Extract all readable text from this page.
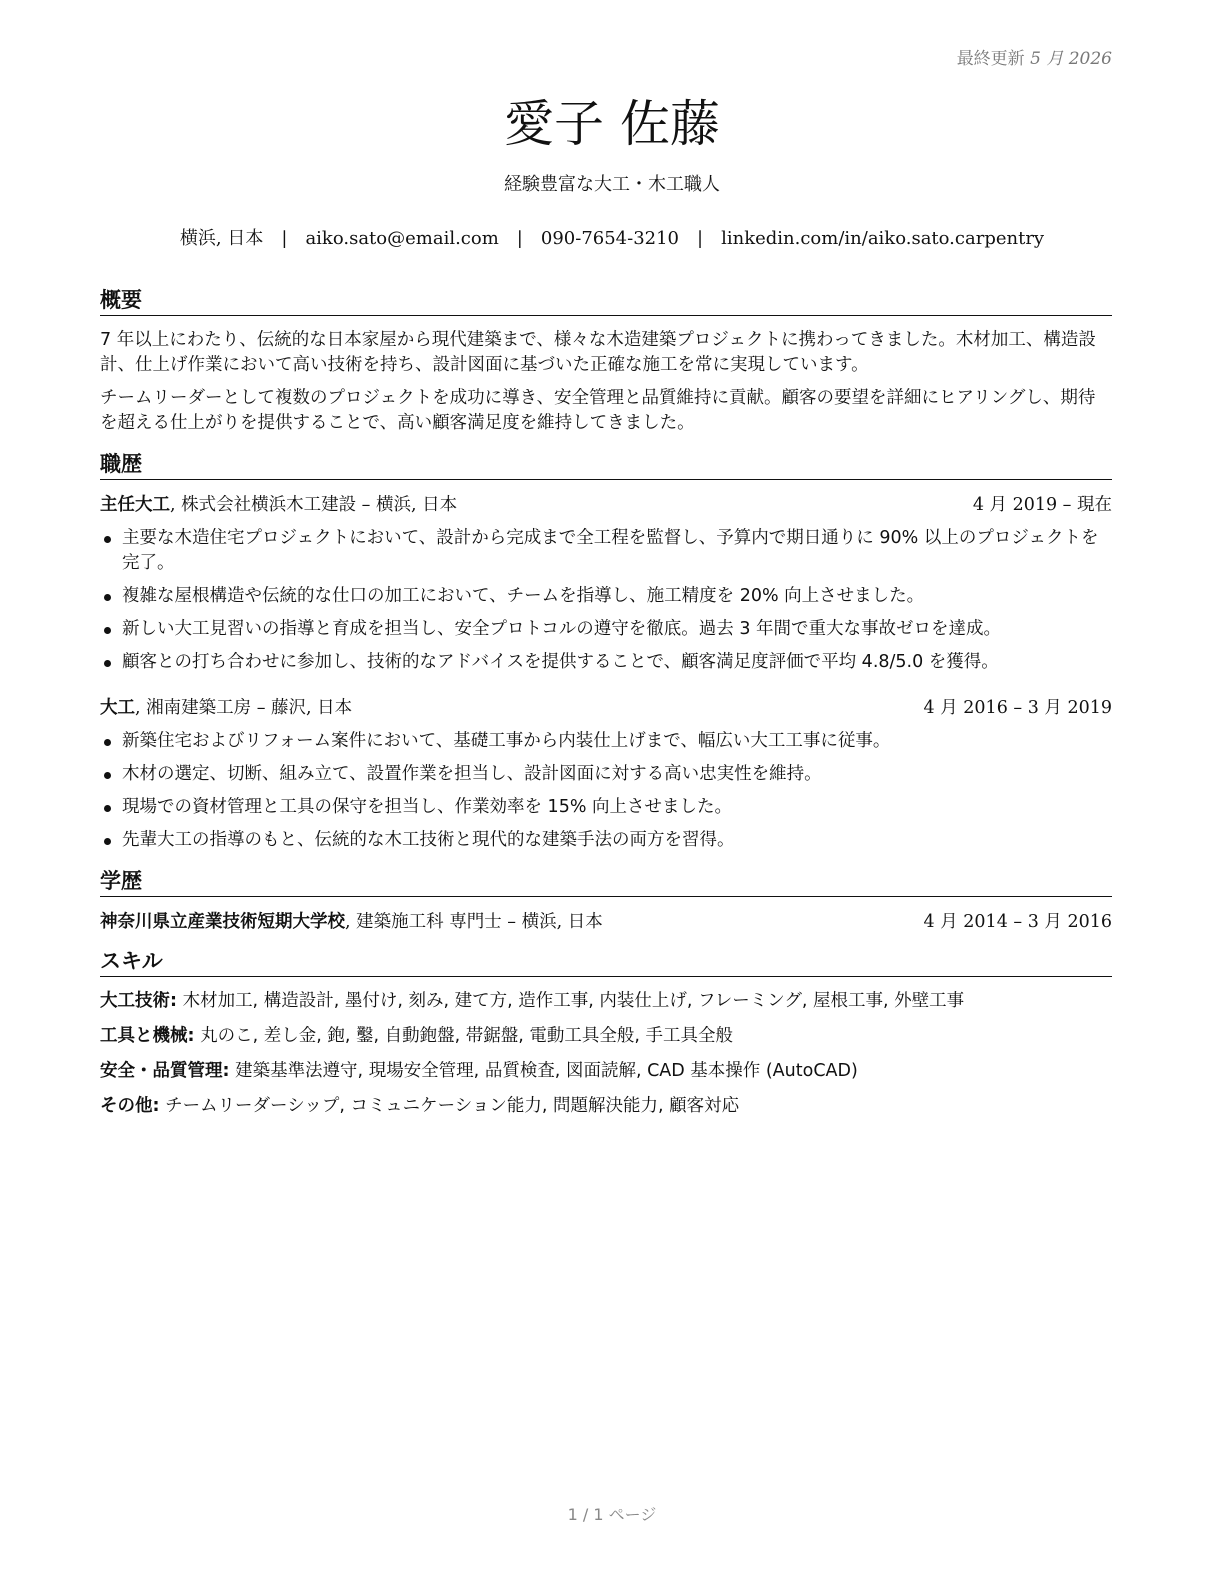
最終更新 5 月 2026
愛子 佐藤
経験豊富な大工・木工職人
横浜, 日本 | aiko.sato@email.com | 090-7654-3210 | linkedin.com/in/aiko.sato.carpentry
概要

7 年以上にわたり、伝統的な日本家屋から現代建築まで、様々な木造建築プロジェクトに携わってきました。木材加工、構造設計、仕上げ作業において高い技術を持ち、設計図面に基づいた正確な施工を常に実現しています。

チームリーダーとして複数のプロジェクトを成功に導き、安全管理と品質維持に貢献。顧客の要望を詳細にヒアリングし、期待を超える仕上がりを提供することで、高い顧客満足度を維持してきました。

職歴
主任大工, 株式会社横浜木工建設 – 横浜, 日本	4 月 2019 – 現在
主要な木造住宅プロジェクトにおいて、設計から完成まで全工程を監督し、予算内で期日通りに 90% 以上のプロジェクトを完了。
複雑な屋根構造や伝統的な仕口の加工において、チームを指導し、施工精度を 20% 向上させました。
新しい大工見習いの指導と育成を担当し、安全プロトコルの遵守を徹底。過去 3 年間で重大な事故ゼロを達成。
顧客との打ち合わせに参加し、技術的なアドバイスを提供することで、顧客満足度評価で平均 4.8/5.0 を獲得。
大工, 湘南建築工房 – 藤沢, 日本	4 月 2016 – 3 月 2019
新築住宅およびリフォーム案件において、基礎工事から内装仕上げまで、幅広い大工工事に従事。
木材の選定、切断、組み立て、設置作業を担当し、設計図面に対する高い忠実性を維持。
現場での資材管理と工具の保守を担当し、作業効率を 15% 向上させました。
先輩大工の指導のもと、伝統的な木工技術と現代的な建築手法の両方を習得。
学歴
神奈川県立産業技術短期大学校, 建築施工科 専門士 – 横浜, 日本	4 月 2014 – 3 月 2016
スキル
大工技術: 木材加工, 構造設計, 墨付け, 刻み, 建て方, 造作工事, 内装仕上げ, フレーミング, 屋根工事, 外壁工事
工具と機械: 丸のこ, 差し金, 鉋, 鑿, 自動鉋盤, 帯鋸盤, 電動工具全般, 手工具全般
安全・品質管理: 建築基準法遵守, 現場安全管理, 品質検査, 図面読解, CAD 基本操作 (AutoCAD)
その他: チームリーダーシップ, コミュニケーション能力, 問題解決能力, 顧客対応
1 / 1 ページ
